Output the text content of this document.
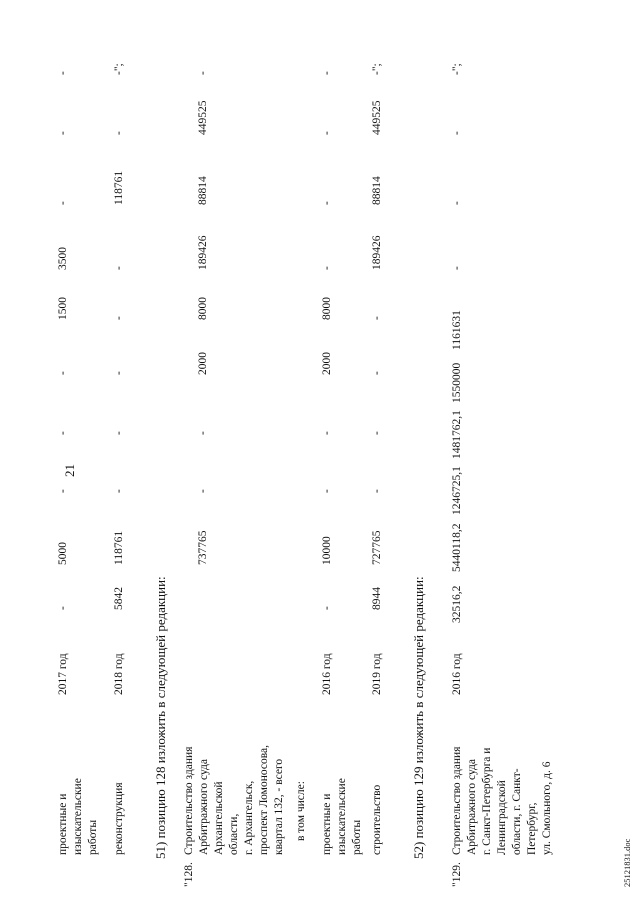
21
проектные и изыскательские работы
2017 год
-
5000
-
-
-
1500
3500
-
-
-
реконструкция
2018 год
5842
118761
-
-
-
-
-
118761
-
-";
51) позицию 128 изложить в следующей редакции:
"128.
Строительство здания Арбитражного суда Архангельской области, г. Архангельск, проспект Ломоносова, квартал 132, - всего
737765
-
-
2000
8000
189426
88814
449525
-
в том числе: проектные и изыскательские работы
2016 год
-
10000
-
-
2000
8000
-
-
-
-
строительство
2019 год
8944
727765
-
-
-
-
189426
88814
449525
-";
52) позицию 129 изложить в следующей редакции:
"129.
Строительство здания Арбитражного суда г. Санкт-Петербурга и Ленинградской области, г. Санкт- Петербург, ул. Смольного, д. 6
2016 год
32516,2
5440118,2
1246725,1
1481762,1
1550000
1161631
-
-
-
-";
25121831.doc
